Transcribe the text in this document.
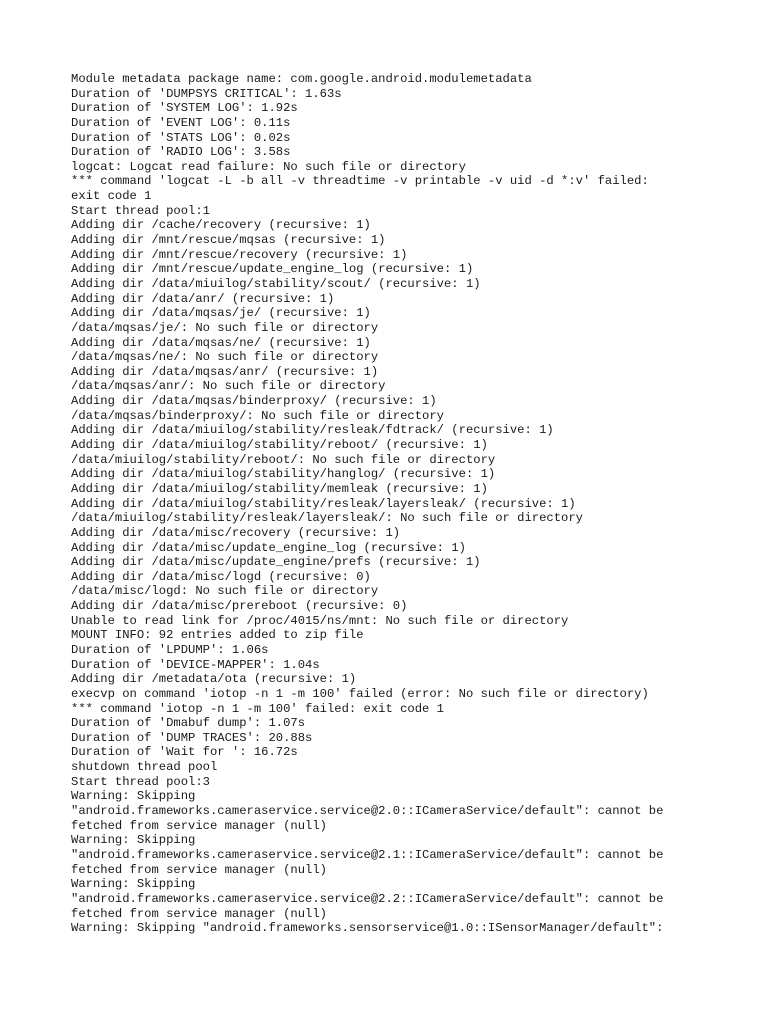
Module metadata package name: com.google.android.modulemetadata
Duration of 'DUMPSYS CRITICAL': 1.63s
Duration of 'SYSTEM LOG': 1.92s
Duration of 'EVENT LOG': 0.11s
Duration of 'STATS LOG': 0.02s
Duration of 'RADIO LOG': 3.58s
logcat: Logcat read failure: No such file or directory
*** command 'logcat -L -b all -v threadtime -v printable -v uid -d *:v' failed:
exit code 1
Start thread pool:1
Adding dir /cache/recovery (recursive: 1)
Adding dir /mnt/rescue/mqsas (recursive: 1)
Adding dir /mnt/rescue/recovery (recursive: 1)
Adding dir /mnt/rescue/update_engine_log (recursive: 1)
Adding dir /data/miuilog/stability/scout/ (recursive: 1)
Adding dir /data/anr/ (recursive: 1)
Adding dir /data/mqsas/je/ (recursive: 1)
/data/mqsas/je/: No such file or directory
Adding dir /data/mqsas/ne/ (recursive: 1)
/data/mqsas/ne/: No such file or directory
Adding dir /data/mqsas/anr/ (recursive: 1)
/data/mqsas/anr/: No such file or directory
Adding dir /data/mqsas/binderproxy/ (recursive: 1)
/data/mqsas/binderproxy/: No such file or directory
Adding dir /data/miuilog/stability/resleak/fdtrack/ (recursive: 1)
Adding dir /data/miuilog/stability/reboot/ (recursive: 1)
/data/miuilog/stability/reboot/: No such file or directory
Adding dir /data/miuilog/stability/hanglog/ (recursive: 1)
Adding dir /data/miuilog/stability/memleak (recursive: 1)
Adding dir /data/miuilog/stability/resleak/layersleak/ (recursive: 1)
/data/miuilog/stability/resleak/layersleak/: No such file or directory
Adding dir /data/misc/recovery (recursive: 1)
Adding dir /data/misc/update_engine_log (recursive: 1)
Adding dir /data/misc/update_engine/prefs (recursive: 1)
Adding dir /data/misc/logd (recursive: 0)
/data/misc/logd: No such file or directory
Adding dir /data/misc/prereboot (recursive: 0)
Unable to read link for /proc/4015/ns/mnt: No such file or directory
MOUNT INFO: 92 entries added to zip file
Duration of 'LPDUMP': 1.06s
Duration of 'DEVICE-MAPPER': 1.04s
Adding dir /metadata/ota (recursive: 1)
execvp on command 'iotop -n 1 -m 100' failed (error: No such file or directory)
*** command 'iotop -n 1 -m 100' failed: exit code 1
Duration of 'Dmabuf dump': 1.07s
Duration of 'DUMP TRACES': 20.88s
Duration of 'Wait for ': 16.72s
shutdown thread pool
Start thread pool:3
Warning: Skipping
"android.frameworks.cameraservice.service@2.0::ICameraService/default": cannot be
fetched from service manager (null)
Warning: Skipping
"android.frameworks.cameraservice.service@2.1::ICameraService/default": cannot be
fetched from service manager (null)
Warning: Skipping
"android.frameworks.cameraservice.service@2.2::ICameraService/default": cannot be
fetched from service manager (null)
Warning: Skipping "android.frameworks.sensorservice@1.0::ISensorManager/default":
